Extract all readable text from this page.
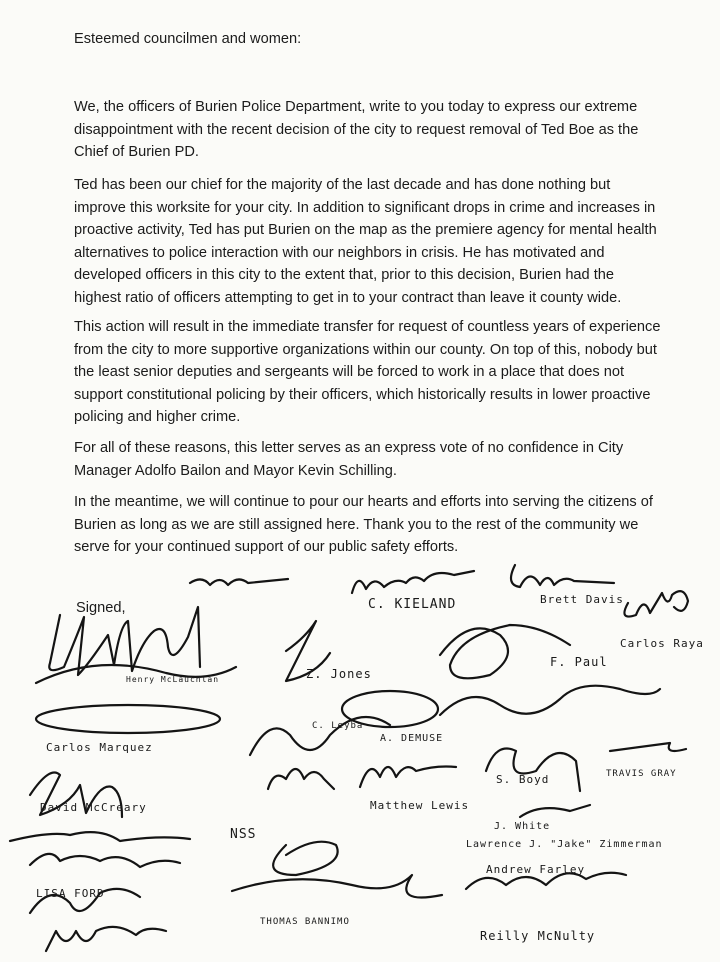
Esteemed councilmen and women:

We, the officers of Burien Police Department, write to you today to express our extreme disappointment with the recent decision of the city to request removal of Ted Boe as the Chief of Burien PD.

Ted has been our chief for the majority of the last decade and has done nothing but improve this worksite for your city. In addition to significant drops in crime and increases in proactive activity, Ted has put Burien on the map as the premiere agency for mental health alternatives to police interaction with our neighbors in crisis. He has motivated and developed officers in this city to the extent that, prior to this decision, Burien had the highest ratio of officers attempting to get in to your contract than leave it county wide.

This action will result in the immediate transfer for request of countless years of experience from the city to more supportive organizations within our county. On top of this, nobody but the least senior deputies and sergeants will be forced to work in a place that does not support constitutional policing by their officers, which historically results in lower proactive policing and higher crime.

For all of these reasons, this letter serves as an express vote of no confidence in City Manager Adolfo Bailon and Mayor Kevin Schilling.

In the meantime, we will continue to pour our hearts and efforts into serving the citizens of Burien as long as we are still assigned here. Thank you to the rest of the community we serve for your continued support of our public safety efforts.

Signed,	C. KIELAND	Brett Davis
Carlos Raya
F. Paul
Z. Jones
Henry McLauchlan
C. Leyba
A. DEMUSE
Carlos Marquez
S. Boyd	TRAVIS GRAY
Matthew Lewis
David McCreary
J. White
NSS
Lawrence J. "Jake" Zimmerman
Andrew Farley
LISA FORD
THOMAS BANNIMO
Reilly McNulty
